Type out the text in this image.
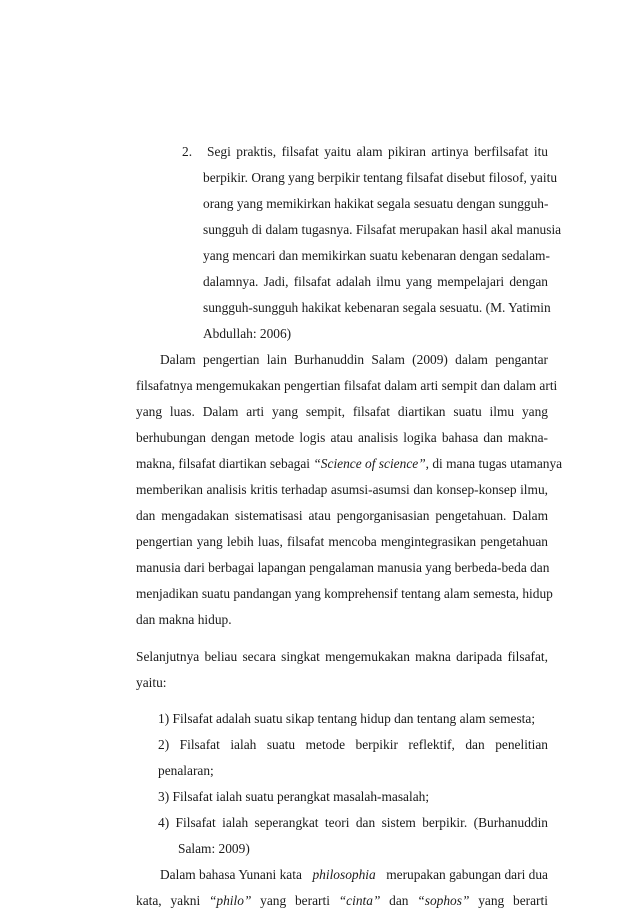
2. Segi praktis, filsafat yaitu alam pikiran artinya berfilsafat itu
berpikir. Orang yang berpikir tentang filsafat disebut filosof, yaitu
orang yang memikirkan hakikat segala sesuatu dengan sungguh-
sungguh di dalam tugasnya. Filsafat merupakan hasil akal manusia
yang mencari dan memikirkan suatu kebenaran dengan sedalam-
dalamnya. Jadi, filsafat adalah ilmu yang mempelajari dengan
sungguh-sungguh hakikat kebenaran segala sesuatu. (M. Yatimin
Abdullah: 2006)
Dalam pengertian lain Burhanuddin Salam (2009) dalam pengantar
filsafatnya mengemukakan pengertian filsafat dalam arti sempit dan dalam arti
yang luas. Dalam arti yang sempit, filsafat diartikan suatu ilmu yang
berhubungan dengan metode logis atau analisis logika bahasa dan makna-
makna, filsafat diartikan sebagai “Science of science”, di mana tugas utamanya
memberikan analisis kritis terhadap asumsi-asumsi dan konsep-konsep ilmu,
dan mengadakan sistematisasi atau pengorganisasian pengetahuan. Dalam
pengertian yang lebih luas, filsafat mencoba mengintegrasikan pengetahuan
manusia dari berbagai lapangan pengalaman manusia yang berbeda-beda dan
menjadikan suatu pandangan yang komprehensif tentang alam semesta, hidup
dan makna hidup.
Selanjutnya beliau secara singkat mengemukakan makna daripada filsafat,
yaitu:
1) Filsafat adalah suatu sikap tentang hidup dan tentang alam semesta;
2) Filsafat ialah suatu metode berpikir reflektif, dan penelitian
penalaran;
3) Filsafat ialah suatu perangkat masalah-masalah;
4) Filsafat ialah seperangkat teori dan sistem berpikir. (Burhanuddin
Salam: 2009)
Dalam bahasa Yunani kata philosophia merupakan gabungan dari dua
kata, yakni “philo” yang berarti “cinta” dan “sophos” yang berarti
